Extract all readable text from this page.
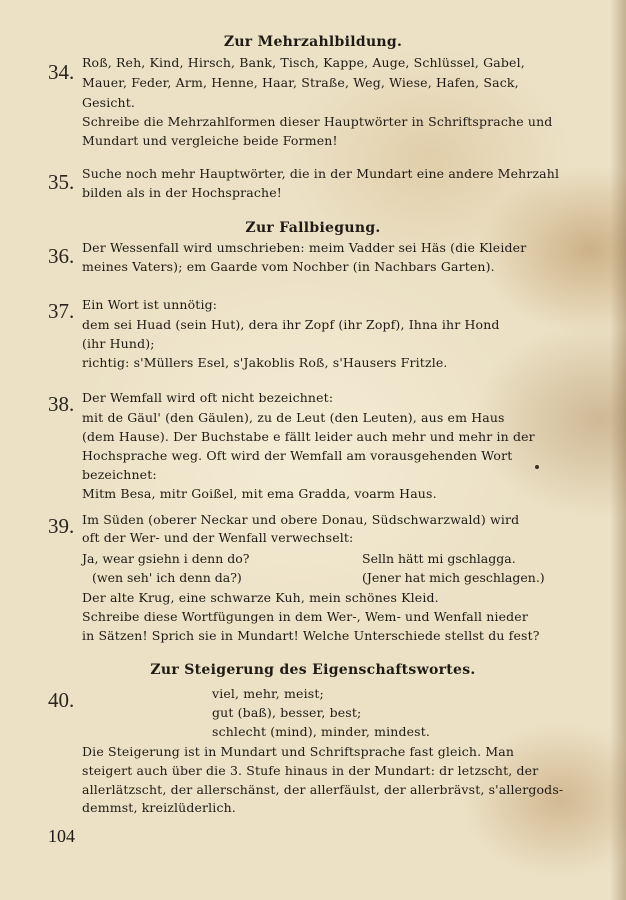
Zur Mehrzahlbildung.
34. Roß, Reh, Kind, Hirsch, Bank, Tisch, Kappe, Auge, Schlüssel, Gabel,
Mauer, Feder, Arm, Henne, Haar, Straße, Weg, Wiese, Hafen, Sack,
Gesicht.
Schreibe die Mehrzahlformen dieser Hauptwörter in Schriftsprache und
Mundart und vergleiche beide Formen!
35. Suche noch mehr Hauptwörter, die in der Mundart eine andere Mehrzahl
bilden als in der Hochsprache!
Zur Fallbiegung.
36. Der Wessenfall wird umschrieben: meim Vadder sei Häs (die Kleider
meines Vaters); em Gaarde vom Nochber (in Nachbars Garten).
37. Ein Wort ist unnötig:
dem sei Huad (sein Hut), dera ihr Zopf (ihr Zopf), Ihna ihr Hond
(ihr Hund);
richtig: s'Müllers Esel, s'Jakoblis Roß, s'Hausers Fritzle.
38. Der Wemfall wird oft nicht bezeichnet:
mit de Gäul' (den Gäulen), zu de Leut (den Leuten), aus em Haus
(dem Hause). Der Buchstabe e fällt leider auch mehr und mehr in der
Hochsprache weg. Oft wird der Wemfall am vorausgehenden Wort
bezeichnet:
Mitm Besa, mitr Goißel, mit ema Gradda, voarm Haus.
39. Im Süden (oberer Neckar und obere Donau, Südschwarzwald) wird
oft der Wer- und der Wenfall verwechselt:
Ja, wear gsiehn i denn do?	Selln hätt mi gschlagga.
(wen seh' ich denn da?)	(Jener hat mich geschlagen.)
Der alte Krug, eine schwarze Kuh, mein schönes Kleid.
Schreibe diese Wortfügungen in dem Wer-, Wem- und Wenfall nieder
in Sätzen! Sprich sie in Mundart! Welche Unterschiede stellst du fest?
Zur Steigerung des Eigenschaftswortes.
40.	viel, mehr, meist;
gut (baß), besser, best;
schlecht (mind), minder, mindest.
Die Steigerung ist in Mundart und Schriftsprache fast gleich. Man
steigert auch über die 3. Stufe hinaus in der Mundart: dr letzscht, der
allerlätzscht, der allerschänst, der allerfäulst, der allerbrävst, s'allergods-
demmst, kreizlüderlich.
104
